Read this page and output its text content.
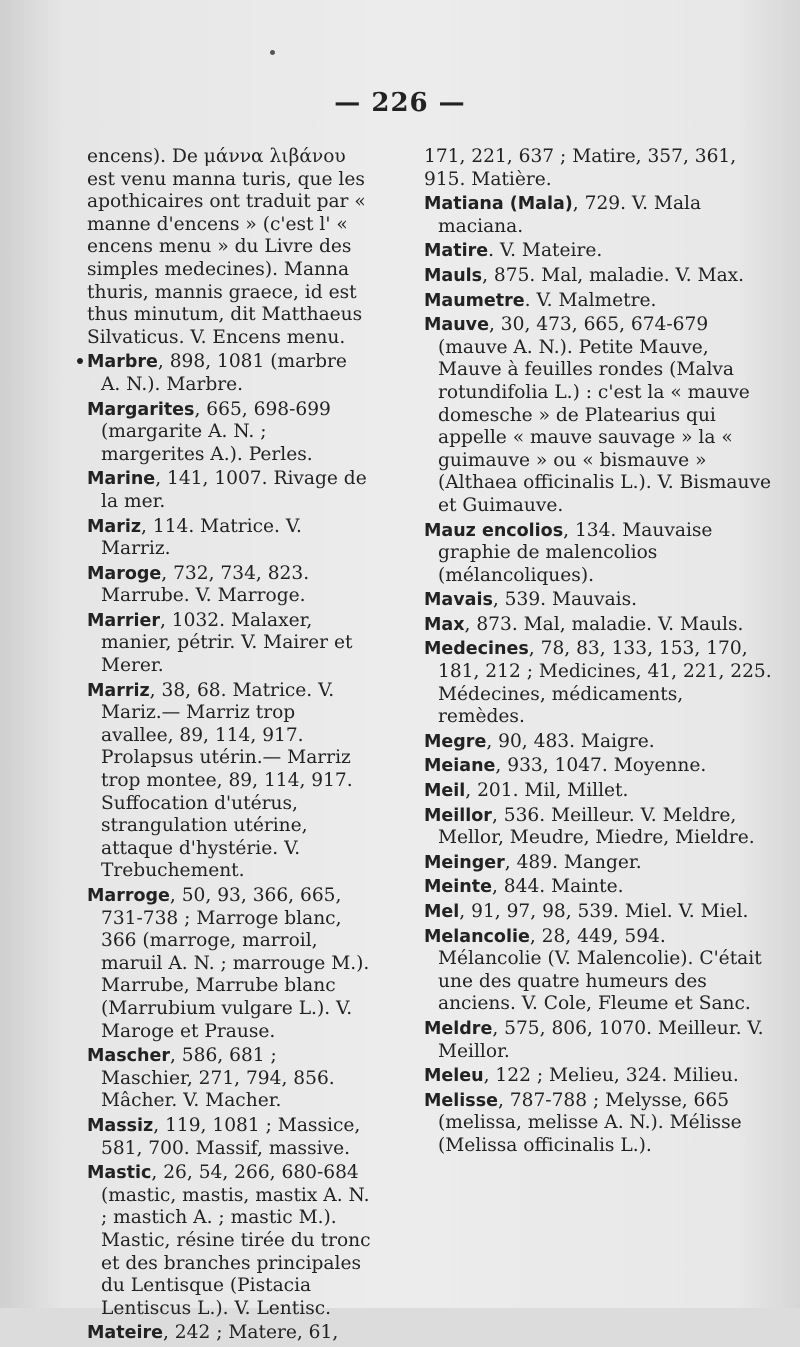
— 226 —
encens). De μάννα λιβάνου est venu manna turis, que les apothicaires ont traduit par « manne d'encens » (c'est l' « encens menu » du Livre des simples medecines). Manna thuris, mannis graece, id est thus minutum, dit Matthaeus Silvaticus. V. Encens menu.
Marbre, 898, 1081 (marbre A. N.). Marbre.
Margarites, 665, 698-699 (margarite A. N. ; margerites A.). Perles.
Marine, 141, 1007. Rivage de la mer.
Mariz, 114. Matrice. V. Marriz.
Maroge, 732, 734, 823. Marrube. V. Marroge.
Marrier, 1032. Malaxer, manier, pétrir. V. Mairer et Merer.
Marriz, 38, 68. Matrice. V. Mariz.— Marriz trop avallee, 89, 114, 917. Prolapsus utérin.— Marriz trop montee, 89, 114, 917. Suffocation d'utérus, strangulation utérine, attaque d'hystérie. V. Trebuchement.
Marroge, 50, 93, 366, 665, 731-738 ; Marroge blanc, 366 (marroge, marroil, maruil A. N. ; marrouge M.). Marrube, Marrube blanc (Marrubium vulgare L.). V. Maroge et Prause.
Mascher, 586, 681 ; Maschier, 271, 794, 856. Mâcher. V. Macher.
Massiz, 119, 1081 ; Massice, 581, 700. Massif, massive.
Mastic, 26, 54, 266, 680-684 (mastic, mastis, mastix A. N. ; mastich A. ; mastic M.). Mastic, résine tirée du tronc et des branches principales du Lentisque (Pistacia Lentiscus L.). V. Lentisc.
Mateire, 242 ; Matere, 61,
171, 221, 637 ; Matire, 357, 361, 915. Matière.
Matiana (Mala), 729. V. Mala maciana.
Matire. V. Mateire.
Mauls, 875. Mal, maladie. V. Max.
Maumetre. V. Malmetre.
Mauve, 30, 473, 665, 674-679 (mauve A. N.). Petite Mauve, Mauve à feuilles rondes (Malva rotundifolia L.) : c'est la « mauve domesche » de Platearius qui appelle « mauve sauvage » la « guimauve » ou « bismauve » (Althaea officinalis L.). V. Bismauve et Guimauve.
Mauz encolios, 134. Mauvaise graphie de malencolios (mélancoliques).
Mavais, 539. Mauvais.
Max, 873. Mal, maladie. V. Mauls.
Medecines, 78, 83, 133, 153, 170, 181, 212 ; Medicines, 41, 221, 225. Médecines, médicaments, remèdes.
Megre, 90, 483. Maigre.
Meiane, 933, 1047. Moyenne.
Meil, 201. Mil, Millet.
Meillor, 536. Meilleur. V. Meldre, Mellor, Meudre, Miedre, Mieldre.
Meinger, 489. Manger.
Meinte, 844. Mainte.
Mel, 91, 97, 98, 539. Miel. V. Miel.
Melancolie, 28, 449, 594. Mélancolie (V. Malencolie). C'était une des quatre humeurs des anciens. V. Cole, Fleume et Sanc.
Meldre, 575, 806, 1070. Meilleur. V. Meillor.
Meleu, 122 ; Melieu, 324. Milieu.
Melisse, 787-788 ; Melysse, 665 (melissa, melisse A. N.). Mélisse (Melissa officinalis L.).
